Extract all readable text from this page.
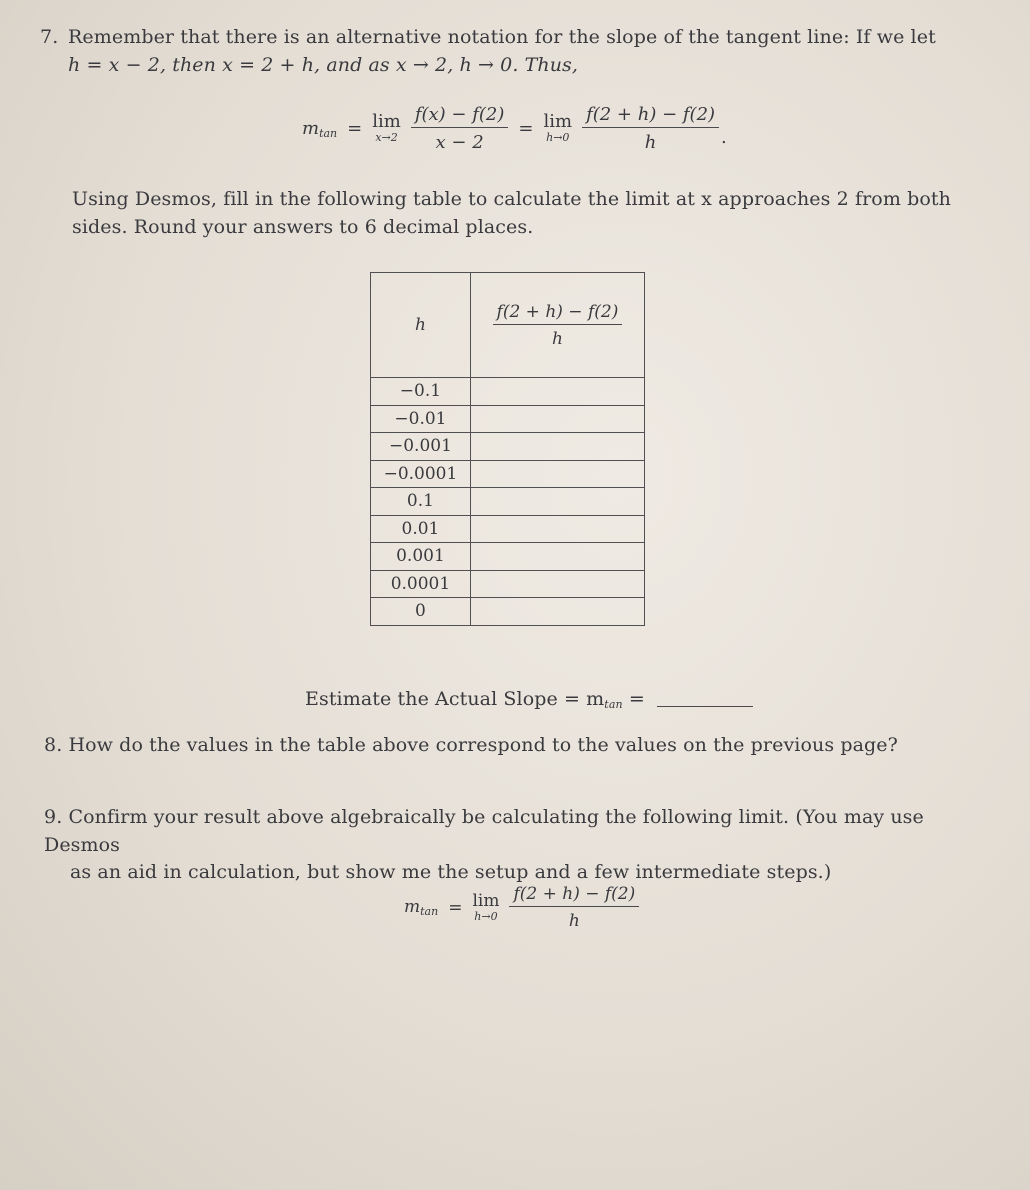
7. Remember that there is an alternative notation for the slope of the tangent line: If we let
h = x − 2, then x = 2 + h, and as x → 2, h → 0. Thus,
mtan = lim
$x\to 2 \frac{f(x) - f(2)}{x - 2} = \lim$
$h\to 0 \frac{f(2 + h) - f(2)}{h}$ .
Using Desmos, fill in the following table to calculate the limit at x approaches 2 from both
sides. Round your answers to 6 decimal places.
h	$\frac{f(2 + h) - f(2)}{h}$

−0.1	
−0.01	
−0.001	
−0.0001	
0.1	
0.01	
0.001	
0.0001	
0	
Estimate the Actual Slope = mtan =
8. How do the values in the table above correspond to the values on the previous page?
9. Confirm your result above algebraically be calculating the following limit. (You may use Desmos
as an aid in calculation, but show me the setup and a few intermediate steps.)
mtan = lim
$h\to 0 \frac{f(2 + h) - f(2)}{h}$
